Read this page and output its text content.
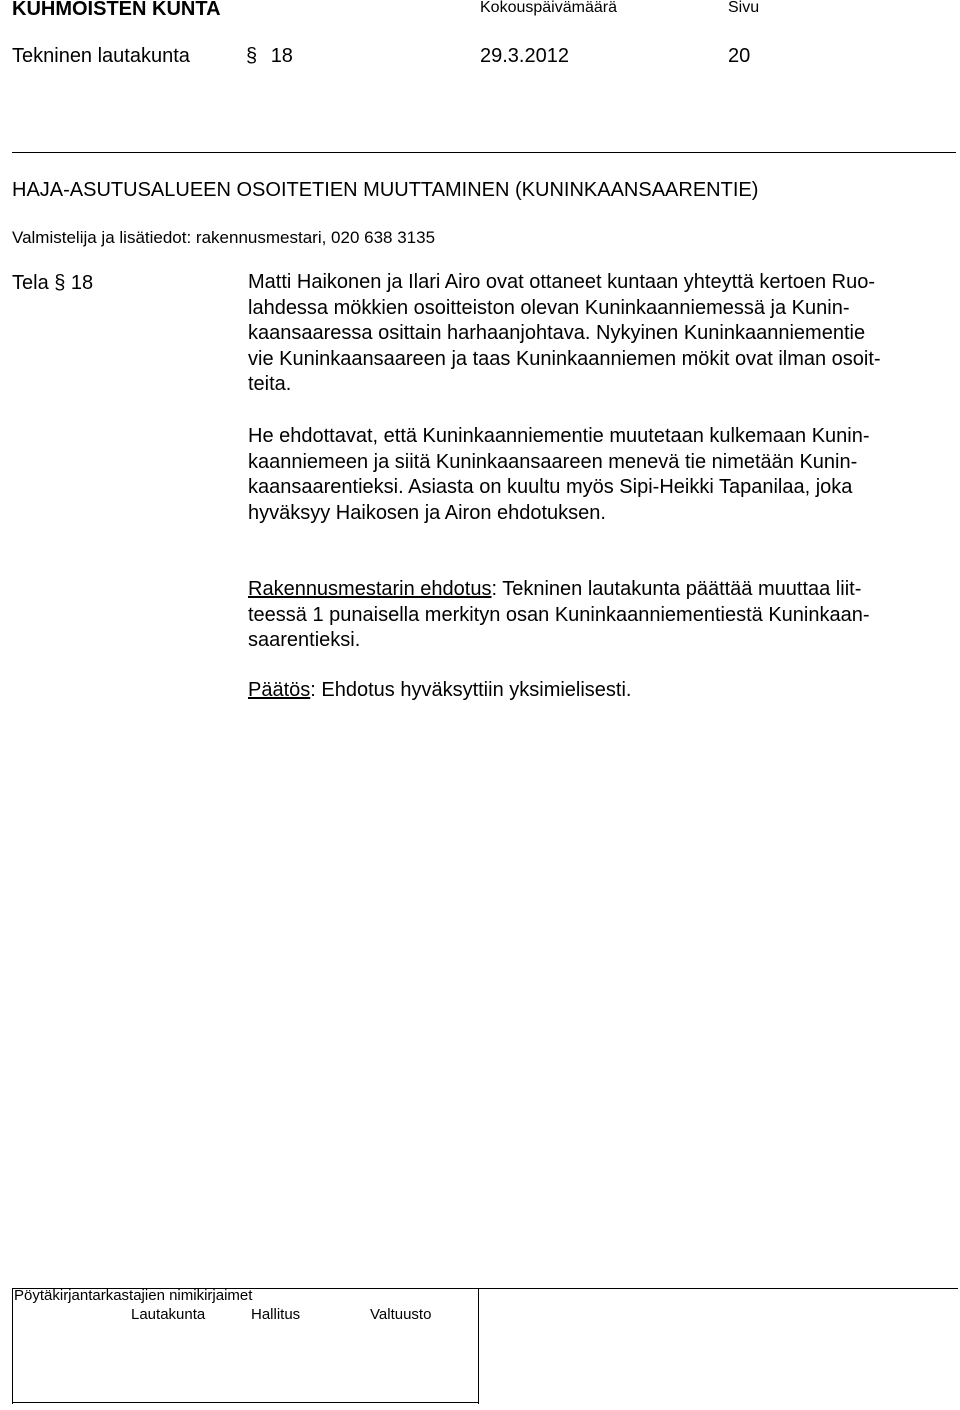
KUHMOISTEN KUNTA	Kokouspäivämäärä	Sivu
Tekninen lautakunta	§ 18	29.3.2012	20
HAJA-ASUTUSALUEEN OSOITETIEN MUUTTAMINEN (KUNINKAANSAARENTIE)
Valmistelija ja lisätiedot: rakennusmestari, 020 638 3135
Tela § 18	Matti Haikonen ja Ilari Airo ovat ottaneet kuntaan yhteyttä kertoen Ruo-

lahdessa mökkien osoitteiston olevan Kuninkaanniemessä ja Kunin-

kaansaaressa osittain harhaanjohtava. Nykyinen Kuninkaanniementie

vie Kuninkaansaareen ja taas Kuninkaanniemen mökit ovat ilman osoit-

teita.

He ehdottavat, että Kuninkaanniementie muutetaan kulkemaan Kunin-

kaanniemeen ja siitä Kuninkaansaareen menevä tie nimetään Kunin-

kaansaarentieksi. Asiasta on kuultu myös Sipi-Heikki Tapanilaa, joka

hyväksyy Haikosen ja Airon ehdotuksen.

Rakennusmestarin ehdotus: Tekninen lautakunta päättää muuttaa liit-

teessä 1 punaisella merkityn osan Kuninkaanniementiestä Kuninkaan-

saarentieksi.

Päätös: Ehdotus hyväksyttiin yksimielisesti.

Pöytäkirjantarkastajien nimikirjaimet
Lautakunta	Hallitus	Valtuusto
